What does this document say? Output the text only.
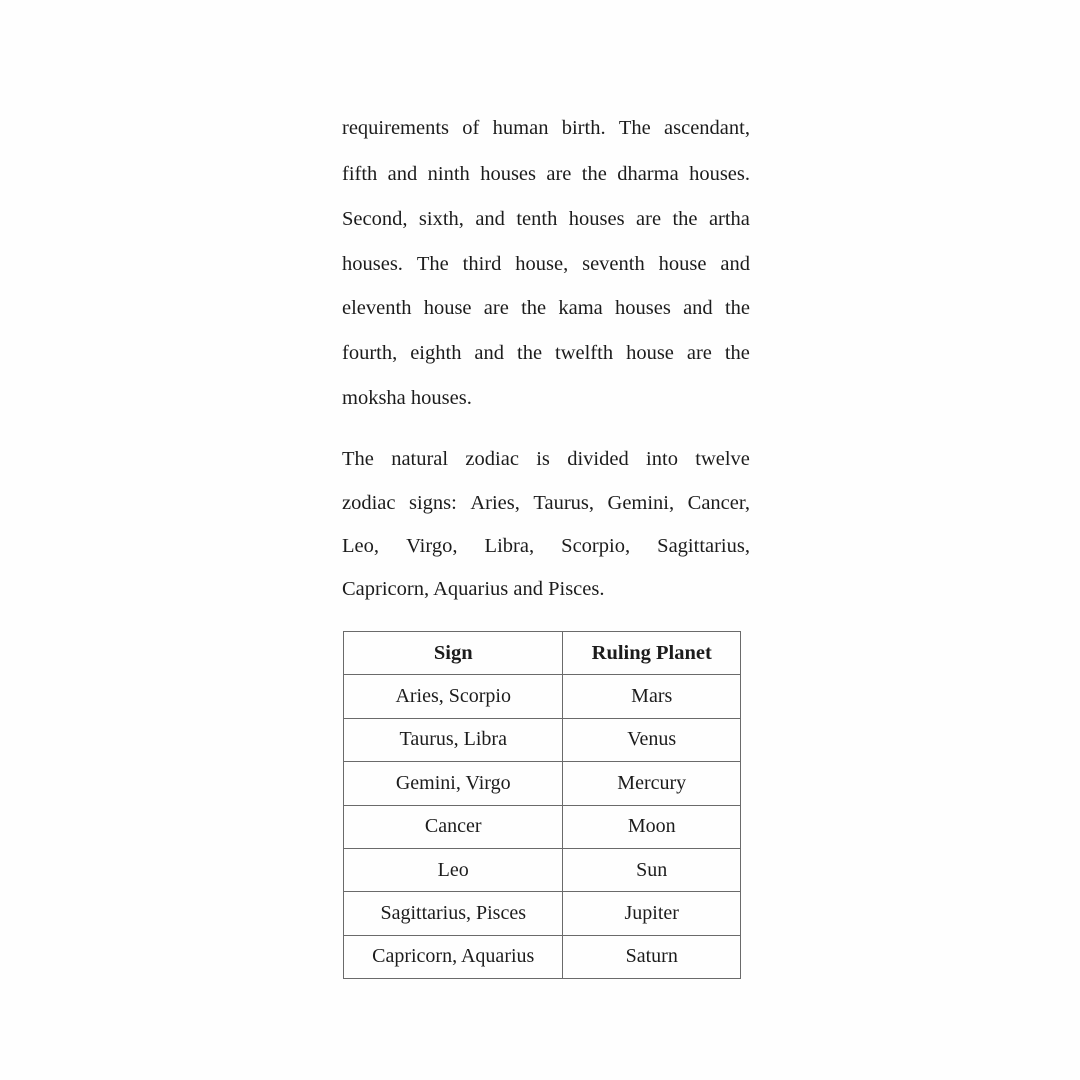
requirements of human birth. The ascendant,
fifth and ninth houses are the dharma houses.
Second, sixth, and tenth houses are the artha
houses. The third house, seventh house and
eleventh house are the kama houses and the
fourth, eighth and the twelfth house are the
moksha houses.
The natural zodiac is divided into twelve
zodiac signs: Aries, Taurus, Gemini, Cancer,
Leo, Virgo, Libra, Scorpio, Sagittarius,
Capricorn, Aquarius and Pisces.
Sign	Ruling Planet
Aries, Scorpio	Mars
Taurus, Libra	Venus
Gemini, Virgo	Mercury
Cancer	Moon
Leo	Sun
Sagittarius, Pisces	Jupiter
Capricorn, Aquarius	Saturn
